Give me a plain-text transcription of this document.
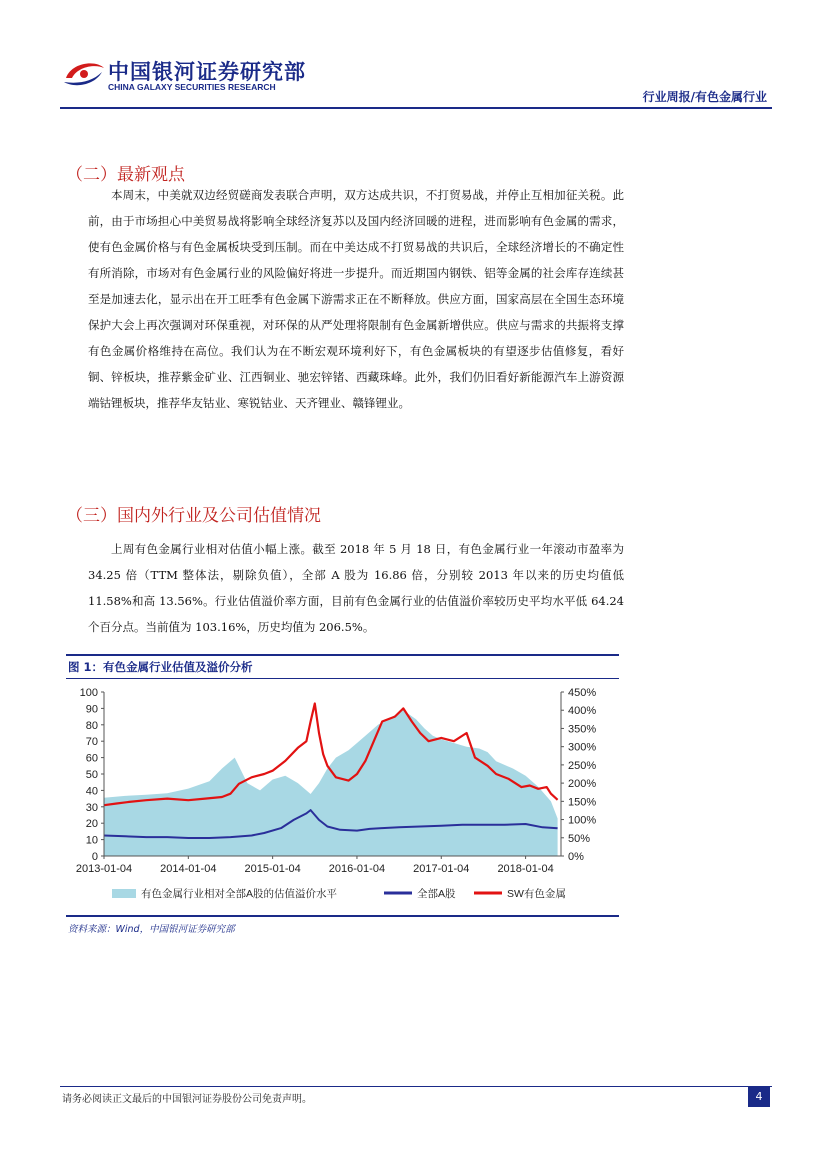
中国银河证券研究部
CHINA GALAXY SECURITIES RESEARCH
行业周报/有色金属行业
（二）最新观点

本周末，中美就双边经贸磋商发表联合声明，双方达成共识，不打贸易战，并停止互相加征关税。此前，由于市场担心中美贸易战将影响全球经济复苏以及国内经济回暖的进程，进而影响有色金属的需求，使有色金属价格与有色金属板块受到压制。而在中美达成不打贸易战的共识后，全球经济增长的不确定性有所消除，市场对有色金属行业的风险偏好将进一步提升。而近期国内钢铁、铝等金属的社会库存连续甚至是加速去化，显示出在开工旺季有色金属下游需求正在不断释放。供应方面，国家高层在全国生态环境保护大会上再次强调对环保重视，对环保的从严处理将限制有色金属新增供应。供应与需求的共振将支撑有色金属价格维持在高位。我们认为在不断宏观环境利好下，有色金属板块的有望逐步估值修复，看好铜、锌板块，推荐紫金矿业、江西铜业、驰宏锌锗、西藏珠峰。此外，我们仍旧看好新能源汽车上游资源端钴锂板块，推荐华友钴业、寒锐钴业、天齐锂业、赣锋锂业。

（三）国内外行业及公司估值情况

上周有色金属行业相对估值小幅上涨。截至 2018 年 5 月 18 日，有色金属行业一年滚动市盈率为 34.25 倍（TTM 整体法，剔除负值），全部 A 股为 16.86 倍，分别较 2013 年以来的历史均值低 11.58%和高 13.56%。行业估值溢价率方面，目前有色金属行业的估值溢价率较历史平均水平低 64.24 个百分点。当前值为 103.16%，历史均值为 206.5%。

图 1：有色金属行业估值及溢价分析
0
10
20
30
40
50
60
70
80
90
100
0%
50%
100%
150%
200%
250%
300%
350%
400%
450%
2013-01-04	2014-01-04	2015-01-04	2016-01-04	2017-01-04	2018-01-04
有色金属行业相对全部A股的估值溢价水平	全部A股	SW有色金属
资料来源：Wind，中国银河证券研究部
请务必阅读正文最后的中国银河证券股份公司免责声明。	4
